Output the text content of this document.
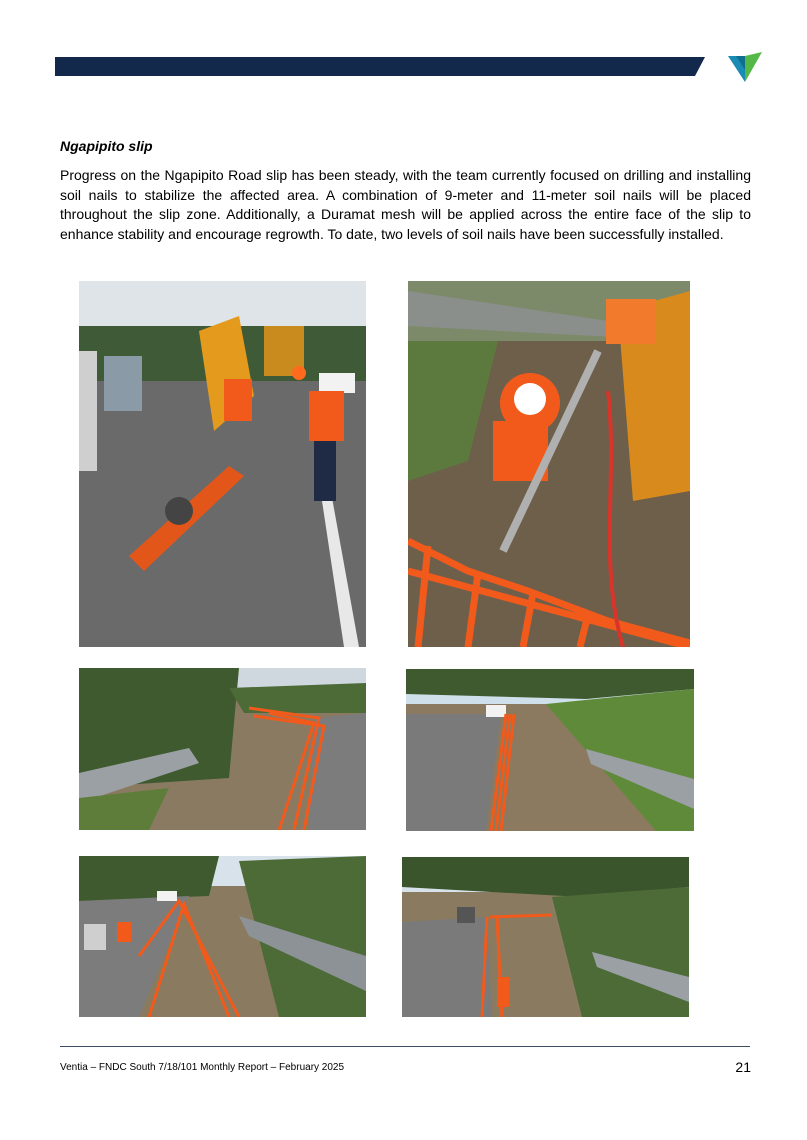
Ngapipito slip
Progress on the Ngapipito Road slip has been steady, with the team currently focused on drilling and installing soil nails to stabilize the affected area. A combination of 9-meter and 11-meter soil nails will be placed throughout the slip zone. Additionally, a Duramat mesh will be applied across the entire face of the slip to enhance stability and encourage regrowth. To date, two levels of soil nails have been successfully installed.
Ventia – FNDC South 7/18/101 Monthly Report – February 2025	21
